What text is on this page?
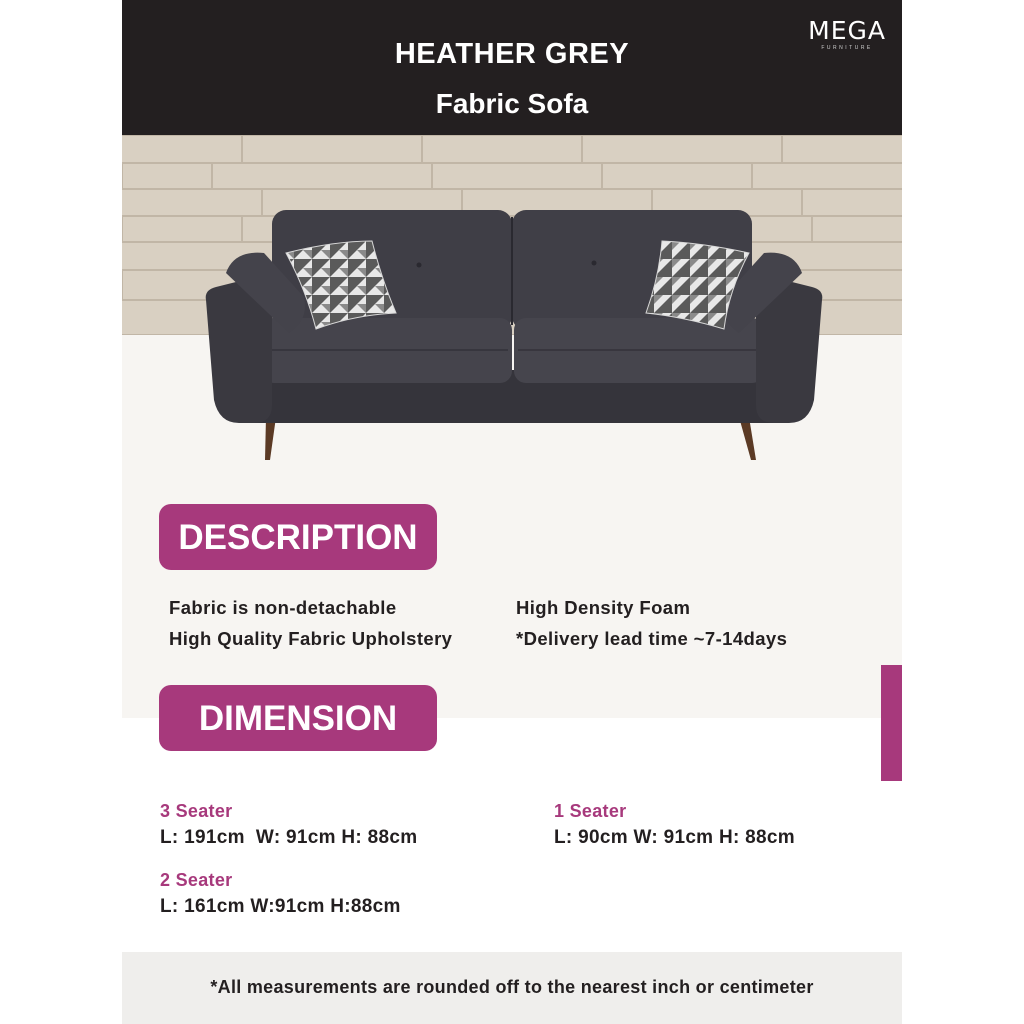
HEATHER GREY
Fabric Sofa
MEGA
FURNITURE
DESCRIPTION
Fabric is non-detachable
High Quality Fabric Upholstery
High Density Foam
*Delivery lead time ~7-14days
DIMENSION
3 Seater
L: 191cm  W: 91cm H: 88cm
1 Seater
L: 90cm W: 91cm H: 88cm
2 Seater
L: 161cm W:91cm H:88cm
*All measurements are rounded off to the nearest inch or centimeter
